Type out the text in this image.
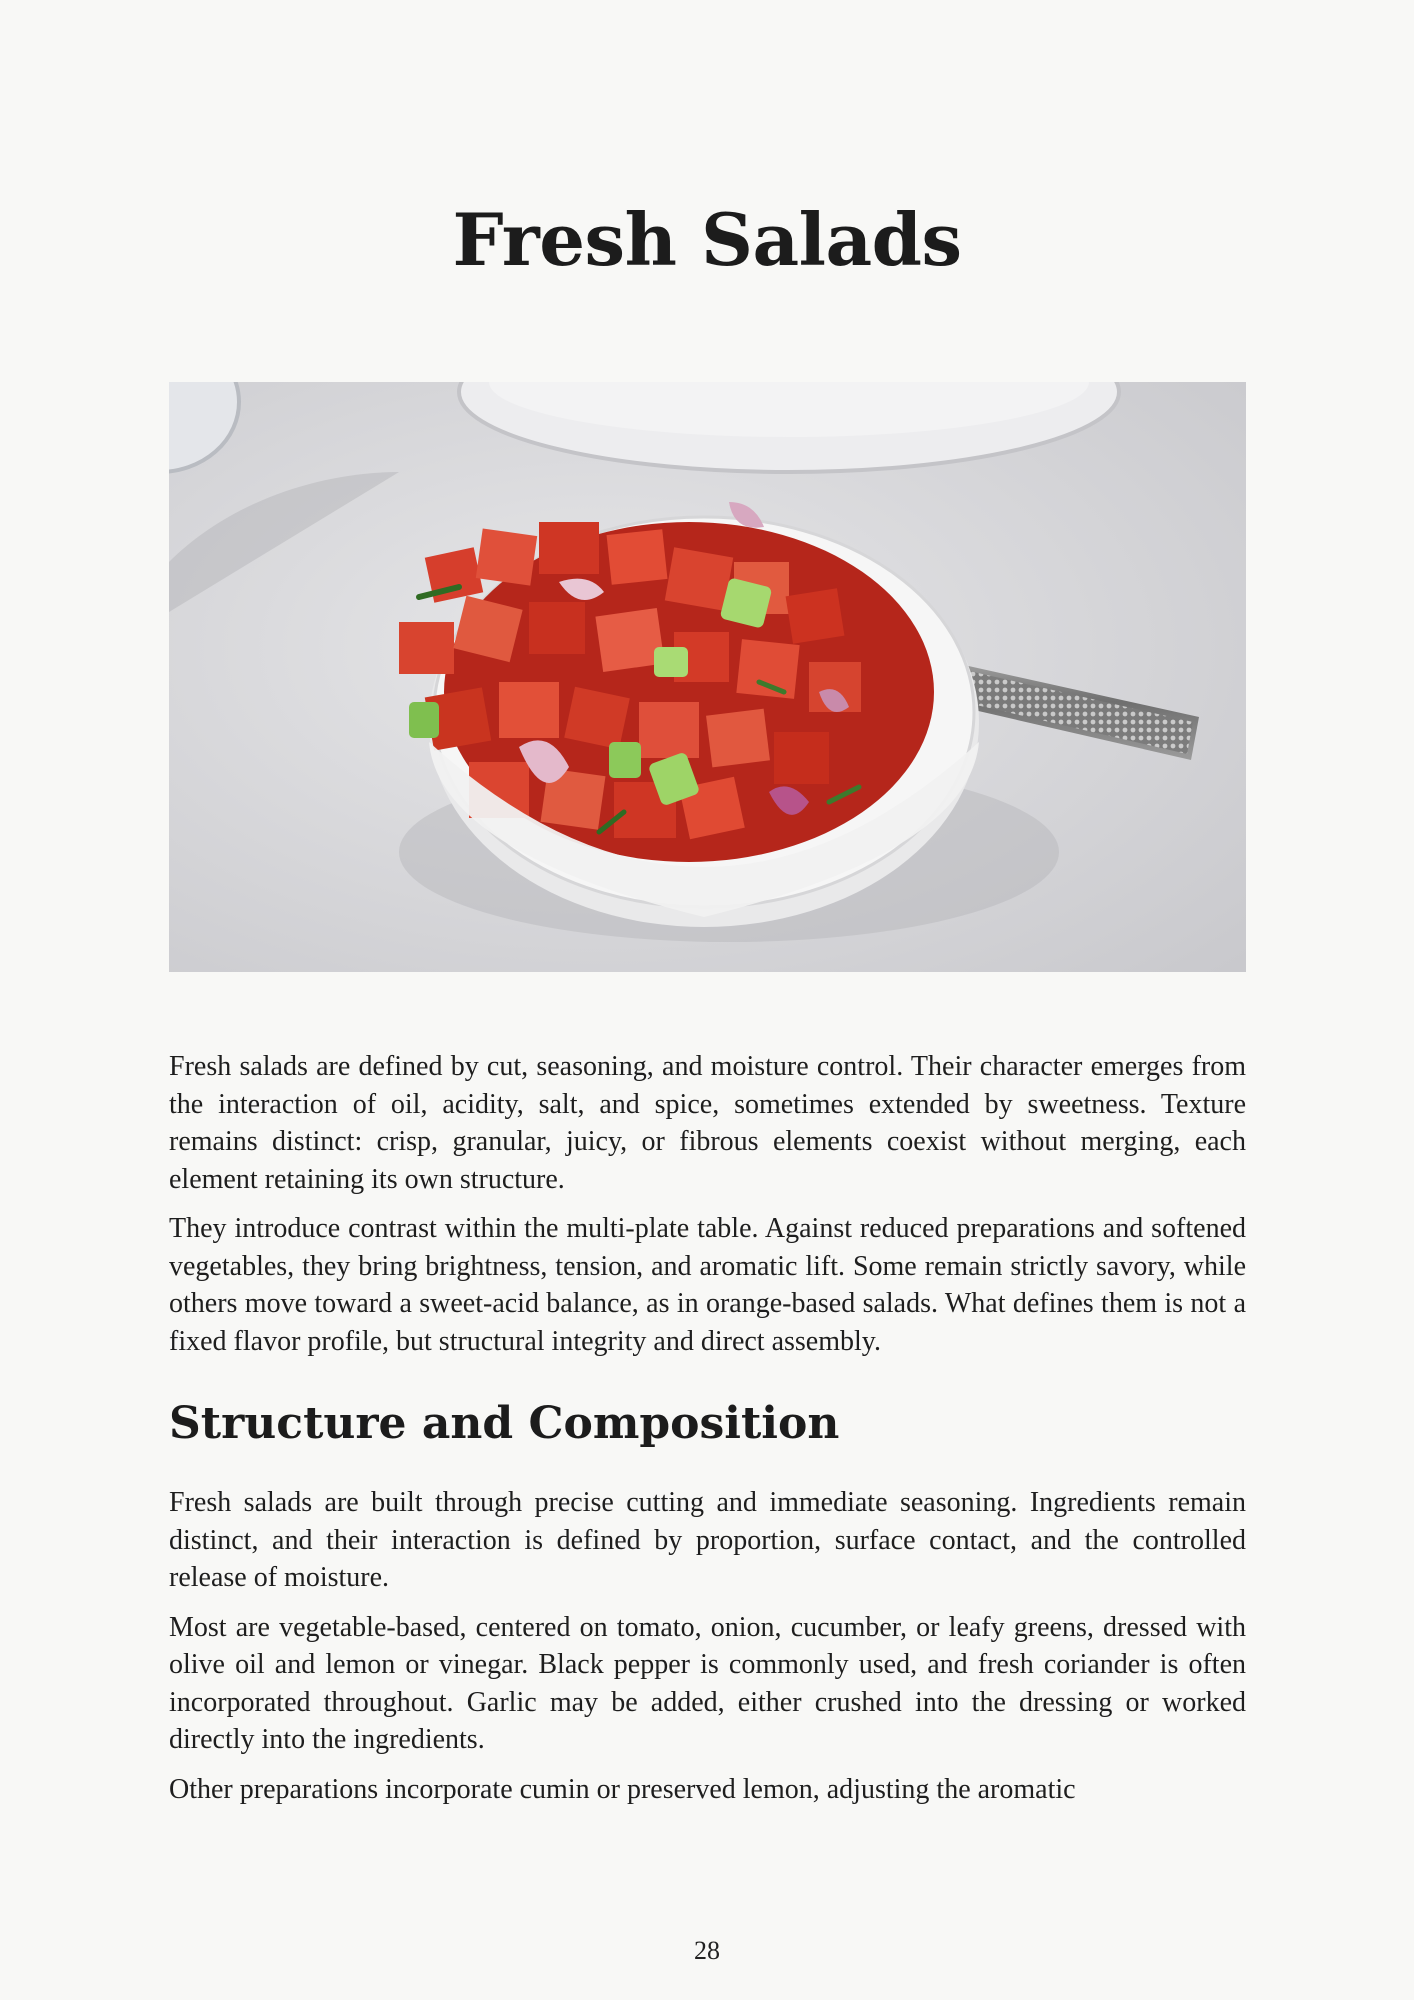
Fresh Salads

Fresh salads are defined by cut, seasoning, and moisture control. Their character emerges from the interaction of oil, acidity, salt, and spice, sometimes extended by sweetness. Texture remains distinct: crisp, granular, juicy, or fibrous elements coexist without merging, each element retaining its own structure.

They introduce contrast within the multi-plate table. Against reduced preparations and softened vegetables, they bring brightness, tension, and aromatic lift. Some remain strictly savory, while others move toward a sweet-acid balance, as in orange-based salads. What defines them is not a fixed flavor profile, but structural integrity and direct assembly.

Structure and Composition

Fresh salads are built through precise cutting and immediate seasoning. Ingredients remain distinct, and their interaction is defined by proportion, surface contact, and the controlled release of moisture.

Most are vegetable-based, centered on tomato, onion, cucumber, or leafy greens, dressed with olive oil and lemon or vinegar. Black pepper is commonly used, and fresh coriander is often incorporated throughout. Garlic may be added, either crushed into the dressing or worked directly into the ingredients.

Other preparations incorporate cumin or preserved lemon, adjusting the aromatic

28
